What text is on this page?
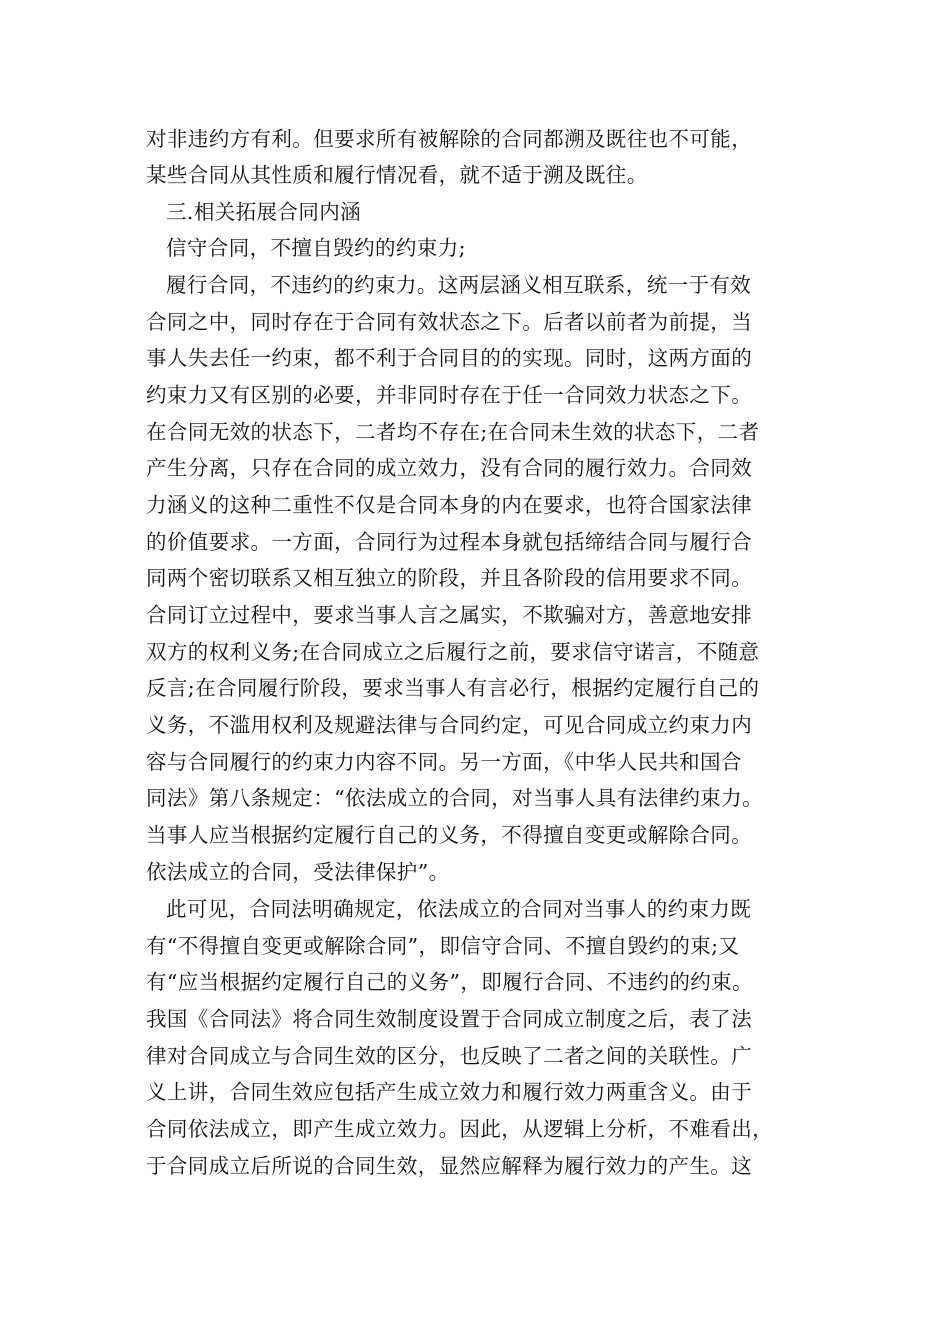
对非违约方有利。但要求所有被解除的合同都溯及既往也不可能，
某些合同从其性质和履行情况看，就不适于溯及既往。
三.相关拓展合同内涵
信守合同，不擅自毁约的约束力;
履行合同，不违约的约束力。这两层涵义相互联系，统一于有效
合同之中，同时存在于合同有效状态之下。后者以前者为前提，当
事人失去任一约束，都不利于合同目的的实现。同时，这两方面的
约束力又有区别的必要，并非同时存在于任一合同效力状态之下。
在合同无效的状态下，二者均不存在;在合同未生效的状态下，二者
产生分离，只存在合同的成立效力，没有合同的履行效力。合同效
力涵义的这种二重性不仅是合同本身的内在要求，也符合国家法律
的价值要求。一方面，合同行为过程本身就包括缔结合同与履行合
同两个密切联系又相互独立的阶段，并且各阶段的信用要求不同。
合同订立过程中，要求当事人言之属实，不欺骗对方，善意地安排
双方的权利义务;在合同成立之后履行之前，要求信守诺言，不随意
反言;在合同履行阶段，要求当事人有言必行，根据约定履行自己的
义务，不滥用权利及规避法律与合同约定，可见合同成立约束力内
容与合同履行的约束力内容不同。另一方面，《中华人民共和国合
同法》第八条规定：“依法成立的合同，对当事人具有法律约束力。
当事人应当根据约定履行自己的义务，不得擅自变更或解除合同。
依法成立的合同，受法律保护”。
此可见，合同法明确规定，依法成立的合同对当事人的约束力既
有“不得擅自变更或解除合同”，即信守合同、不擅自毁约的束;又
有“应当根据约定履行自己的义务”，即履行合同、不违约的约束。
我国《合同法》将合同生效制度设置于合同成立制度之后，表了法
律对合同成立与合同生效的区分，也反映了二者之间的关联性。广
义上讲，合同生效应包括产生成立效力和履行效力两重含义。由于
合同依法成立，即产生成立效力。因此，从逻辑上分析，不难看出，
于合同成立后所说的合同生效，显然应解释为履行效力的产生。这
